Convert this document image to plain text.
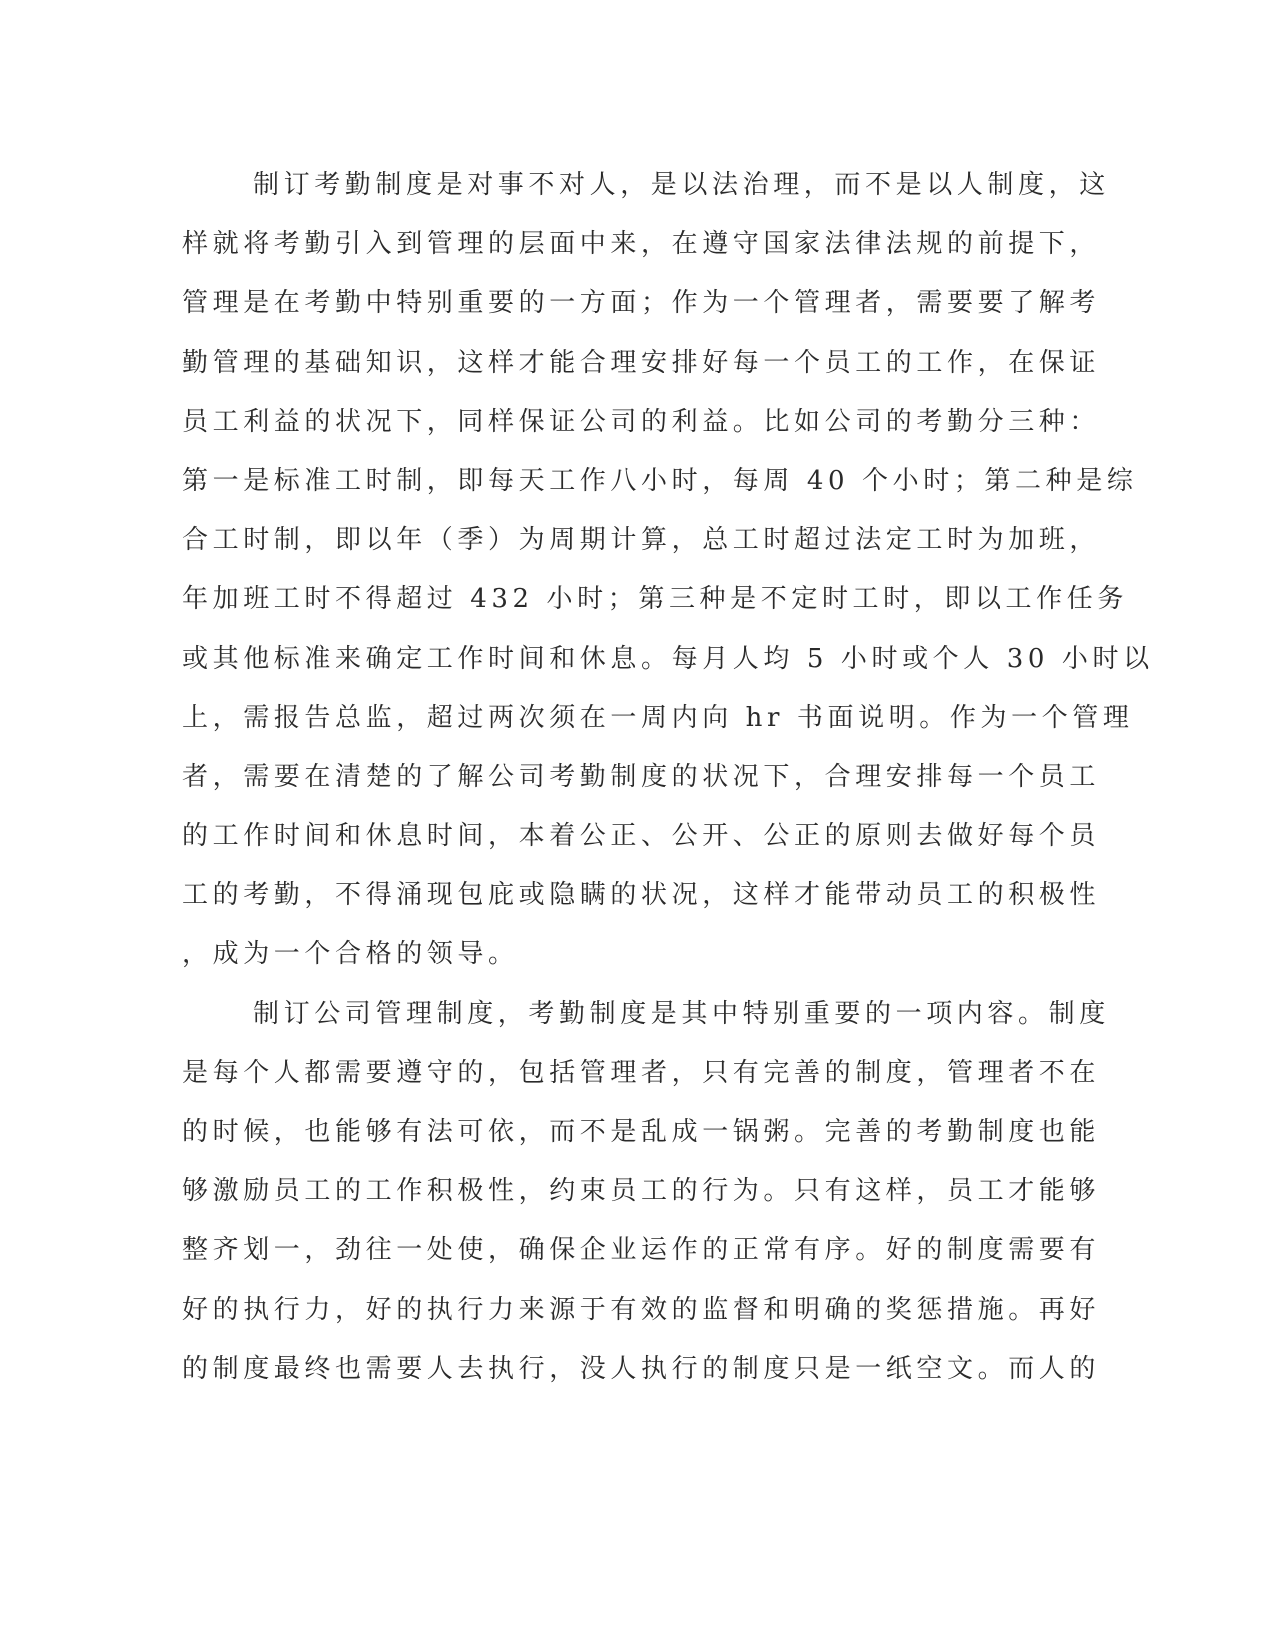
制订考勤制度是对事不对人，是以法治理，而不是以人制度，这
样就将考勤引入到管理的层面中来，在遵守国家法律法规的前提下，
管理是在考勤中特别重要的一方面；作为一个管理者，需要要了解考
勤管理的基础知识，这样才能合理安排好每一个员工的工作，在保证
员工利益的状况下，同样保证公司的利益。比如公司的考勤分三种：
第一是标准工时制，即每天工作八小时，每周 40 个小时；第二种是综
合工时制，即以年（季）为周期计算，总工时超过法定工时为加班，
年加班工时不得超过 432 小时；第三种是不定时工时，即以工作任务
或其他标准来确定工作时间和休息。每月人均 5 小时或个人 30 小时以
上，需报告总监，超过两次须在一周内向 hr 书面说明。作为一个管理
者，需要在清楚的了解公司考勤制度的状况下，合理安排每一个员工
的工作时间和休息时间，本着公正、公开、公正的原则去做好每个员
工的考勤，不得涌现包庇或隐瞒的状况，这样才能带动员工的积极性
，成为一个合格的领导。
制订公司管理制度，考勤制度是其中特别重要的一项内容。制度
是每个人都需要遵守的，包括管理者，只有完善的制度，管理者不在
的时候，也能够有法可依，而不是乱成一锅粥。完善的考勤制度也能
够激励员工的工作积极性，约束员工的行为。只有这样，员工才能够
整齐划一，劲往一处使，确保企业运作的正常有序。好的制度需要有
好的执行力，好的执行力来源于有效的监督和明确的奖惩措施。再好
的制度最终也需要人去执行，没人执行的制度只是一纸空文。而人的
